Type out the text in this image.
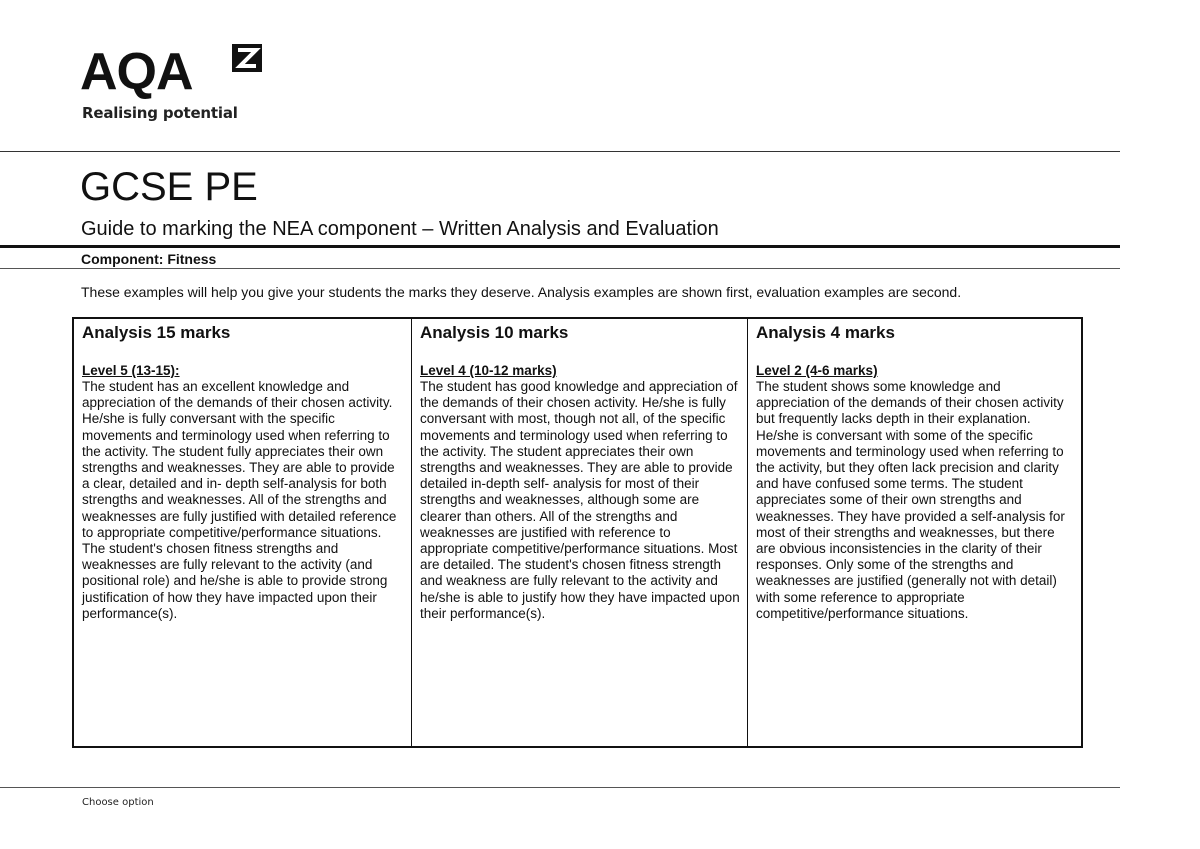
AQA
Realising potential
GCSE PE
Guide to marking the NEA component – Written Analysis and Evaluation
Component: Fitness
These examples will help you give your students the marks they deserve. Analysis examples are shown first, evaluation examples are second.
Analysis 15 marks
Level 5 (13-15):
The student has an excellent knowledge and appreciation of the demands of their chosen activity. He/she is fully conversant with the specific movements and terminology used when referring to the activity. The student fully appreciates their own strengths and weaknesses. They are able to provide a clear, detailed and in- depth self-analysis for both strengths and weaknesses. All of the strengths and weaknesses are fully justified with detailed reference to appropriate competitive/performance situations. The student's chosen fitness strengths and weaknesses are fully relevant to the activity (and positional role) and he/she is able to provide strong justification of how they have impacted upon their performance(s).
Analysis 10 marks
Level 4 (10-12 marks)
The student has good knowledge and appreciation of the demands of their chosen activity. He/she is fully conversant with most, though not all, of the specific movements and terminology used when referring to the activity. The student appreciates their own strengths and weaknesses. They are able to provide detailed in-depth self- analysis for most of their strengths and weaknesses, although some are clearer than others. All of the strengths and weaknesses are justified with reference to appropriate competitive/performance situations. Most are detailed. The student's chosen fitness strength and weakness are fully relevant to the activity and he/she is able to justify how they have impacted upon their performance(s).
Analysis 4 marks
Level 2 (4-6 marks)
The student shows some knowledge and appreciation of the demands of their chosen activity but frequently lacks depth in their explanation. He/she is conversant with some of the specific movements and terminology used when referring to the activity, but they often lack precision and clarity and have confused some terms. The student appreciates some of their own strengths and weaknesses. They have provided a self-analysis for most of their strengths and weaknesses, but there are obvious inconsistencies in the clarity of their responses. Only some of the strengths and weaknesses are justified (generally not with detail) with some reference to appropriate competitive/performance situations.
Choose option
